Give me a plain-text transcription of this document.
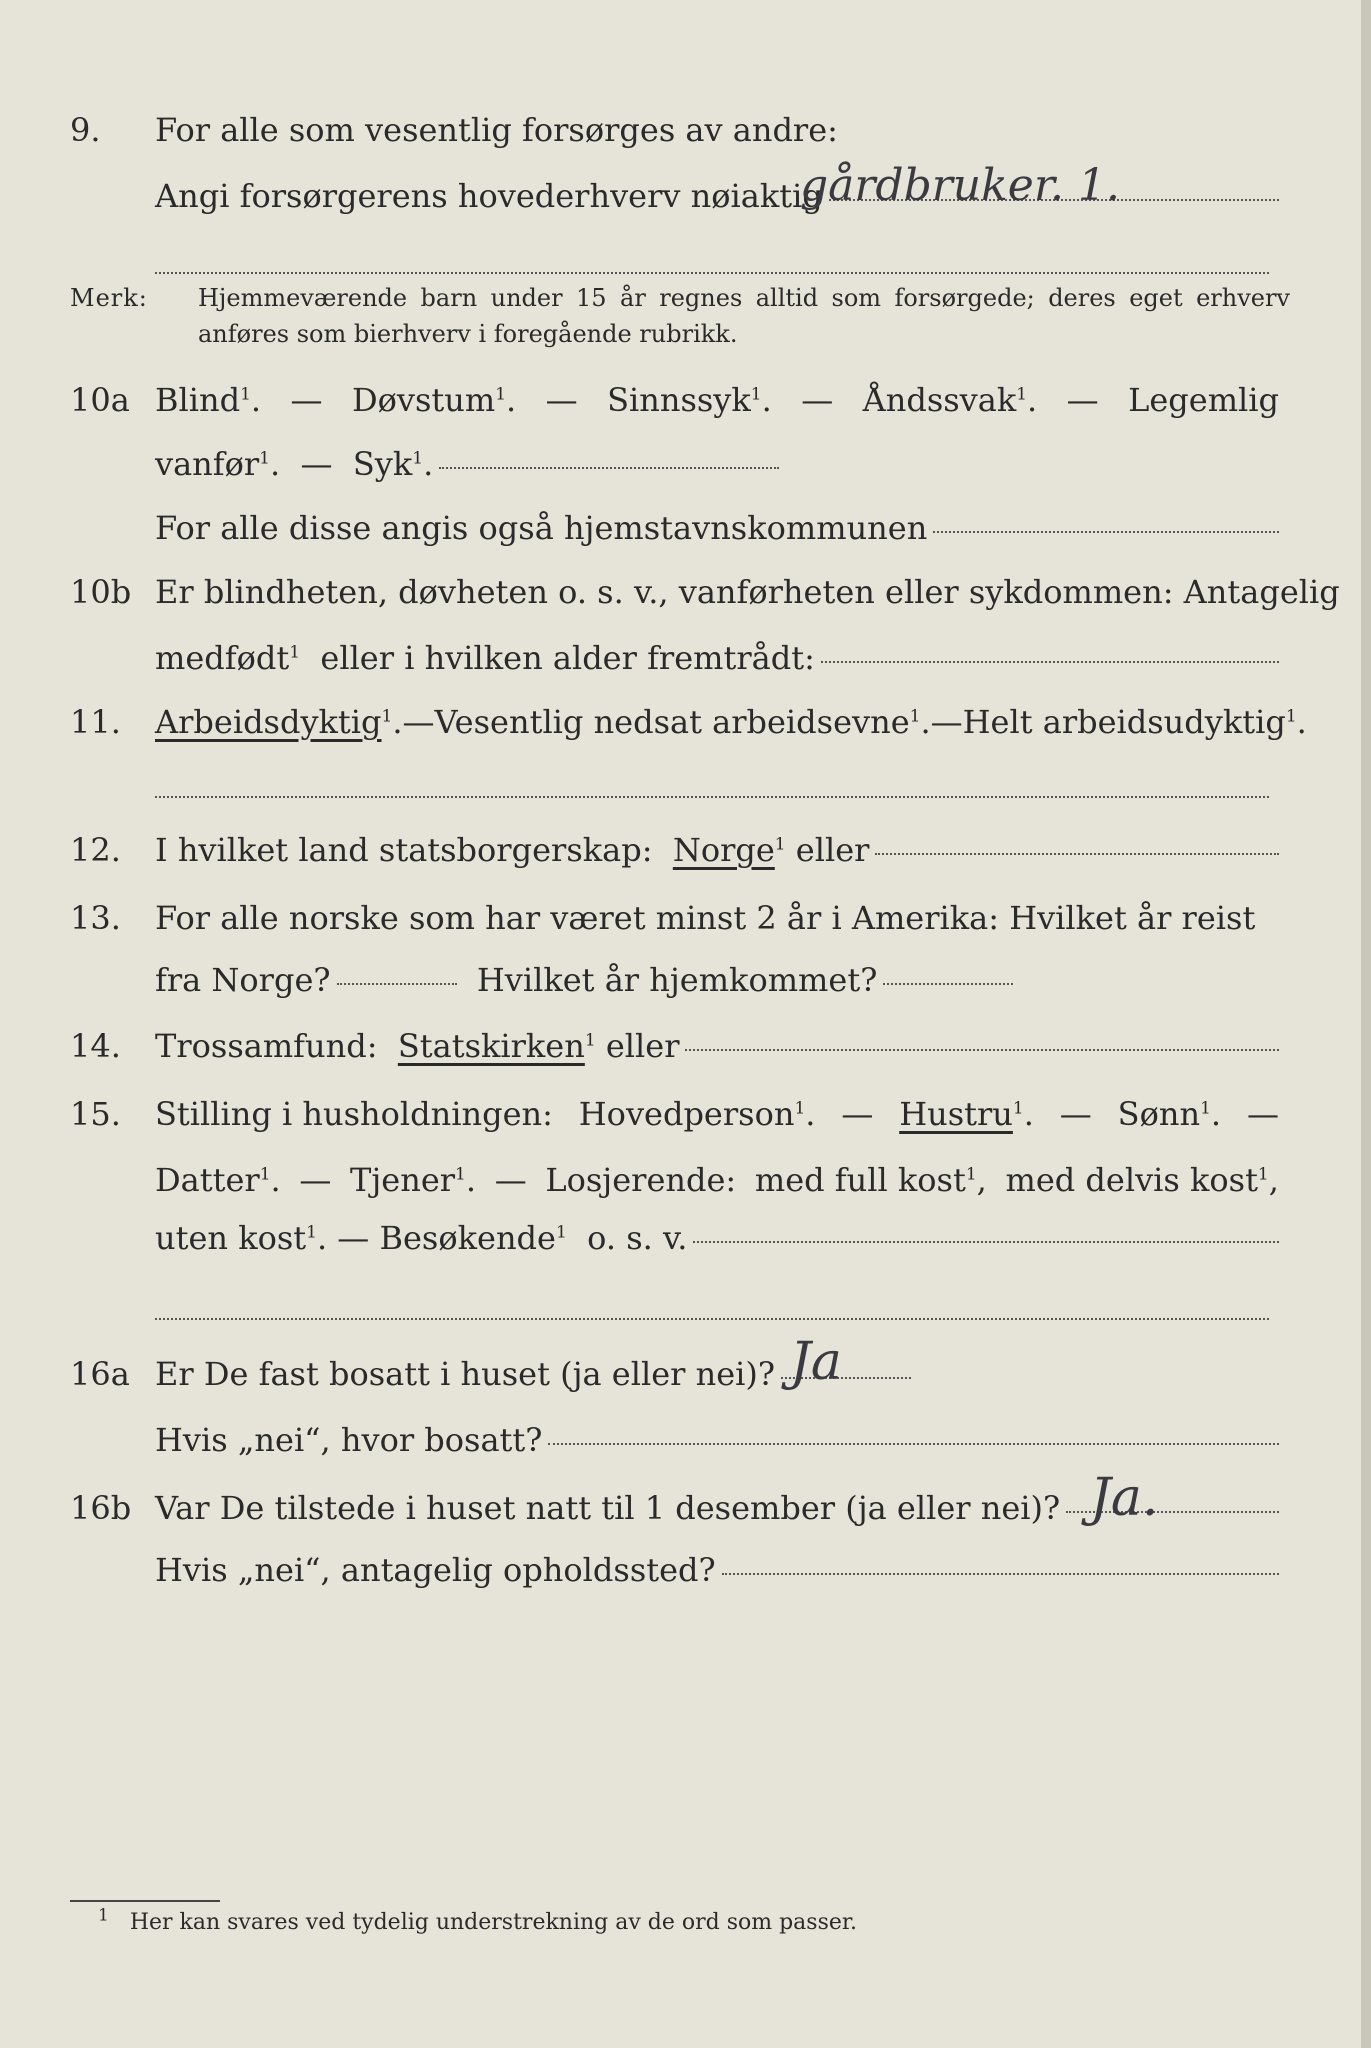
9.	For alle som vesentlig forsørges av andre:
Angi forsørgerens hovederhverv nøiaktig
gårdbruker. 1.
Merk: Hjemmeværende barn under 15 år regnes alltid som forsørgede; deres eget erhverv
anføres som bierhverv i foregående rubrikk.
10a Blind$^1$. — Døvstum$^1$. — Sinnssyk$^1$. — Åndssvak$^1$. — Legemlig
vanfør$^1$.  — Syk$^1$.
For alle disse angis også hjemstavnskommunen
10b Er blindheten, døvheten o. s. v., vanførheten eller sykdommen: Antagelig
medfødt$^1$ eller i hvilken alder fremtrådt:
11.	Arbeidsdyktig$^1$. — Vesentlig nedsat arbeidsevne$^1$. — Helt arbeidsudyktig$^1$.
12.	I hvilket land statsborgerskap:
Norge$^1$
eller
13.	For alle norske som har været minst 2 år i Amerika: Hvilket år reist
fra Norge?
	Hvilket år hjemkommet?
14.	Trossamfund:
Statskirken$^1$
eller
15.	Stilling i husholdningen: Hovedperson$^1$. — Hustru$^1$. — Sønn$^1$. —
Datter$^1$. — Tjener$^1$. — Losjerende: med full kost$^1$, med delvis kost$^1$,
uten kost$^1$. — Besøkende$^1$ o. s. v.
16a Er De fast bosatt i huset (ja eller nei)? Ja
Hvis „nei“, hvor bosatt?
16b Var De tilstede i huset natt til 1 desember (ja eller nei)? Ja.
Hvis „nei“, antagelig opholdssted?
$^1$ Her kan svares ved tydelig understrekning av de ord som passer.
